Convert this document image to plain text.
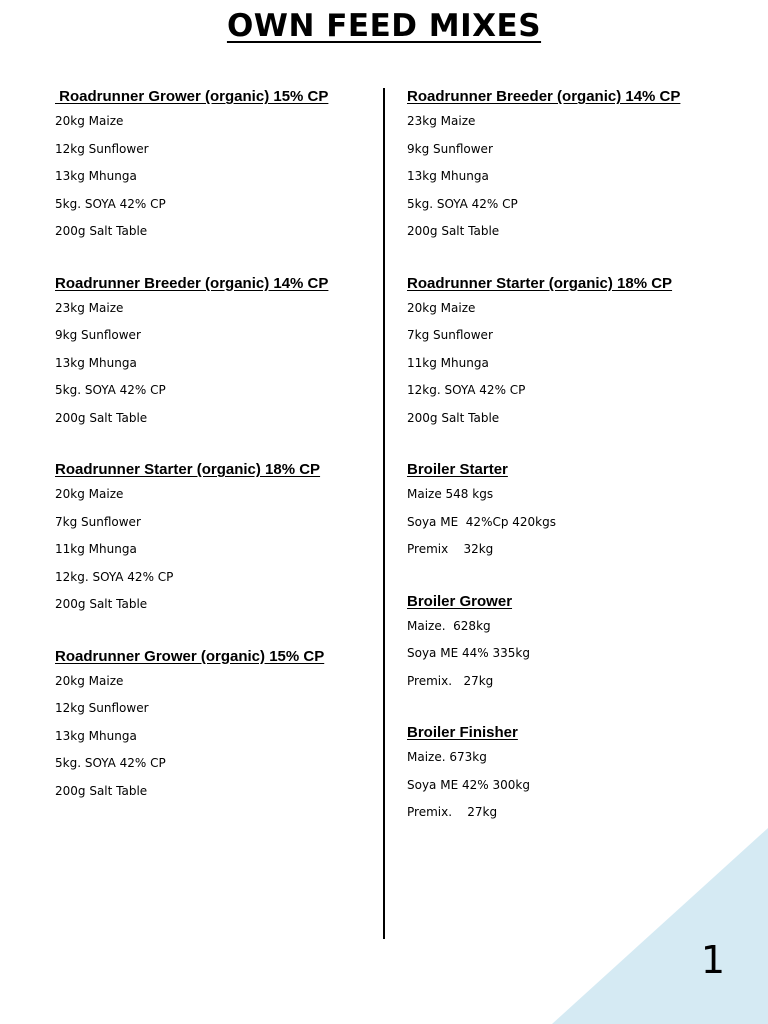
OWN FEED MIXES
Roadrunner Grower (organic) 15% CP
20kg Maize
12kg Sunflower
13kg Mhunga
5kg. SOYA 42% CP
200g Salt Table
Roadrunner Breeder (organic) 14% CP
23kg Maize
9kg Sunflower
13kg Mhunga
5kg. SOYA 42% CP
200g Salt Table
Roadrunner Starter (organic) 18% CP
20kg Maize
7kg Sunflower
11kg Mhunga
12kg. SOYA 42% CP
200g Salt Table
Roadrunner Grower (organic) 15% CP
20kg Maize
12kg Sunflower
13kg Mhunga
5kg. SOYA 42% CP
200g Salt Table
Roadrunner Breeder (organic) 14% CP
23kg Maize
9kg Sunflower
13kg Mhunga
5kg. SOYA 42% CP
200g Salt Table
Roadrunner Starter (organic) 18% CP
20kg Maize
7kg Sunflower
11kg Mhunga
12kg. SOYA 42% CP
200g Salt Table
Broiler Starter
Maize 548 kgs
Soya ME  42%Cp 420kgs
Premix    32kg
Broiler Grower
Maize.  628kg
Soya ME 44% 335kg
Premix.   27kg
Broiler Finisher
Maize. 673kg
Soya ME 42% 300kg
Premix.    27kg
1
